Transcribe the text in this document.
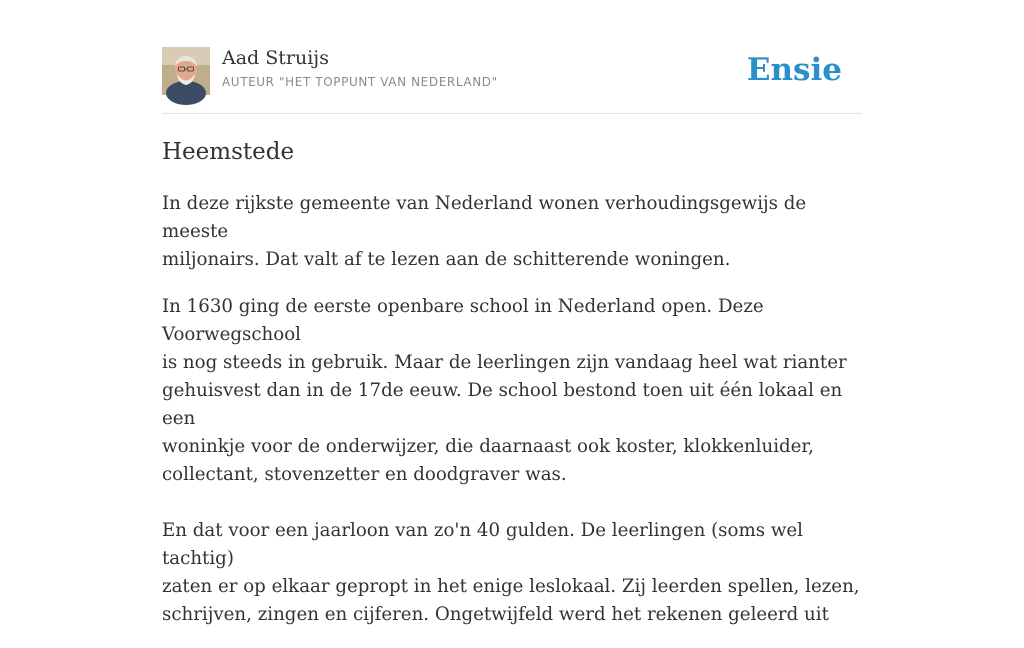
Aad Struijs
AUTEUR "HET TOPPUNT VAN NEDERLAND"	Ensie
Heemstede

In deze rijkste gemeente van Nederland wonen verhoudingsgewijs de meeste
miljonairs. Dat valt af te lezen aan de schitterende woningen.

In 1630 ging de eerste openbare school in Nederland open. Deze Voorwegschool
is nog steeds in gebruik. Maar de leerlingen zijn vandaag heel wat rianter
gehuisvest dan in de 17de eeuw. De school bestond toen uit één lokaal en een
woninkje voor de onderwijzer, die daarnaast ook koster, klokkenluider,
collectant, stovenzetter en doodgraver was.

En dat voor een jaarloon van zo'n 40 gulden. De leerlingen (soms wel tachtig)
zaten er op elkaar gepropt in het enige leslokaal. Zij leerden spellen, lezen,
schrijven, zingen en cijferen. Ongetwijfeld werd het rekenen geleerd uit
